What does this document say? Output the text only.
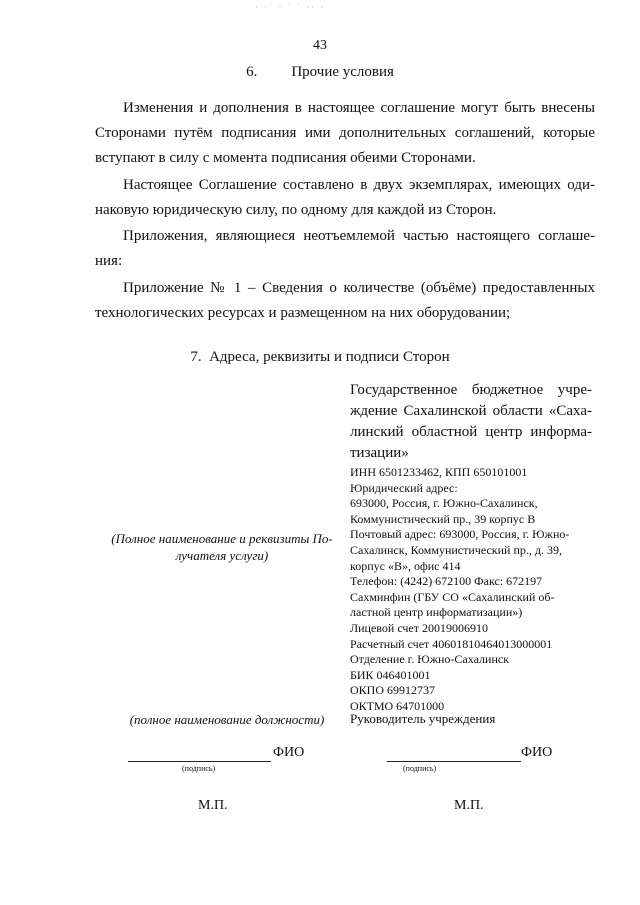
· ·˙ · ˙ ˙ ·· ·
43
6. Прочие условия
Изменения и дополнения в настоящее соглашение могут быть внесены
Сторонами путём подписания ими дополнительных соглашений, которые
вступают в силу с момента подписания обеими Сторонами.
Настоящее Соглашение составлено в двух экземплярах, имеющих оди-
наковую юридическую силу, по одному для каждой из Сторон.
Приложения, являющиеся неотъемлемой частью настоящего соглаше-
ния:
Приложение № 1 – Сведения о количестве (объёме) предоставленных
технологических ресурсах и размещенном на них оборудовании;
7.  Адреса, реквизиты и подписи Сторон
Государственное бюджетное учре-
ждение Сахалинской области «Саха-
линский областной центр информа-
тизации»
ИНН 6501233462, КПП 650101001
Юридический адрес:
693000, Россия, г. Южно-Сахалинск,
Коммунистический пр., 39 корпус В
Почтовый адрес: 693000, Россия, г. Южно-
Сахалинск, Коммунистический пр., д. 39,
корпус «В», офис 414
Телефон: (4242) 672100 Факс: 672197
Сахминфин (ГБУ СО «Сахалинский об-
ластной центр информатизации»)
Лицевой счет 20019006910
Расчетный счет 40601810464013000001
Отделение г. Южно-Сахалинск
БИК 046401001
ОКПО 69912737
ОКТМО 64701000
(Полное наименование и реквизиты По-
лучателя услуги)
(полное наименование должности)	Руководитель учреждения
ФИО
(подпись)
ФИО
(подпись)
М.П.	М.П.
